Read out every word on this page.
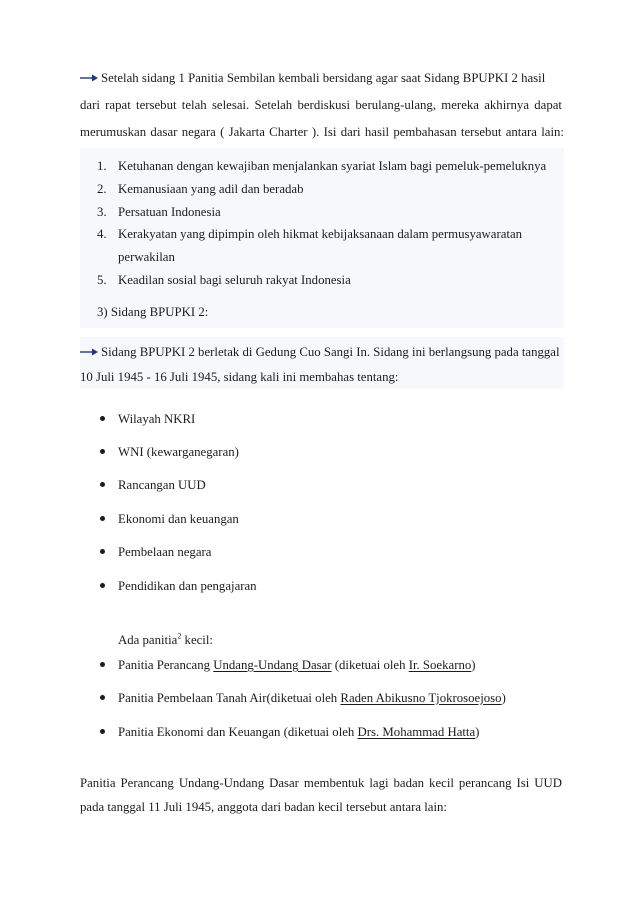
Setelah sidang 1 Panitia Sembilan kembali bersidang agar saat Sidang BPUPKI 2 hasil
dari rapat tersebut telah selesai. Setelah berdiskusi berulang-ulang, mereka akhirnya dapat
merumuskan dasar negara ( Jakarta Charter ). Isi dari hasil pembahasan tersebut antara lain:
1. Ketuhanan dengan kewajiban menjalankan syariat Islam bagi pemeluk-pemeluknya
2. Kemanusiaan yang adil dan beradab
3. Persatuan Indonesia
4. Kerakyatan yang dipimpin oleh hikmat kebijaksanaan dalam permusyawaratan
perwakilan
5. Keadilan sosial bagi seluruh rakyat Indonesia
3) Sidang BPUPKI 2:
Sidang BPUPKI 2 berletak di Gedung Cuo Sangi In. Sidang ini berlangsung pada tanggal
10 Juli 1945 - 16 Juli 1945, sidang kali ini membahas tentang:
Wilayah NKRI
WNI (kewarganegaran)
Rancangan UUD
Ekonomi dan keuangan
Pembelaan negara
Pendidikan dan pengajaran
Ada panitia$^2$ kecil:
Panitia Perancang Undang-Undang Dasar (diketuai oleh Ir. Soekarno)
Panitia Pembelaan Tanah Air(diketuai oleh Raden Abikusno Tjokrosoejoso)
Panitia Ekonomi dan Keuangan (diketuai oleh Drs. Mohammad Hatta)
Panitia Perancang Undang-Undang Dasar membentuk lagi badan kecil perancang Isi UUD
pada tanggal 11 Juli 1945, anggota dari badan kecil tersebut antara lain:
